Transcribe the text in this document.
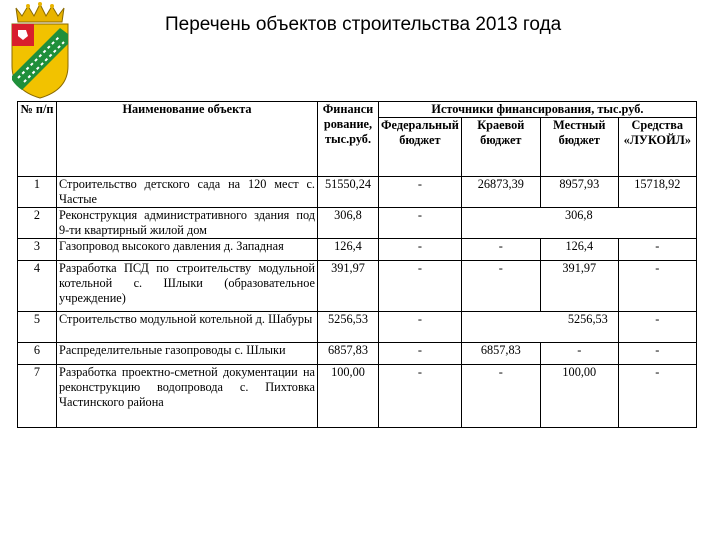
Перечень объектов строительства 2013 года
№ п/п	Наименование объекта	Финансирование, тыс.руб.	Источники финансирования, тыс.руб.			
			Федеральный бюджет	Краевой бюджет	Местный бюджет	Средства «ЛУКОЙЛ»
1	Строительство детского сада на 120 мест с. Частые	51550,24	-	26873,39	8957,93	15718,92
2	Реконструкция административного здания под 9-ти квартирный жилой дом	306,8	-	306,8		
3	Газопровод высокого давления д. Западная	126,4	-	-	126,4	-
4	Разработка ПСД по строительству модульной котельной с. Шлыки (образовательное учреждение)	391,97	-	-	391,97	-
5	Строительство модульной котельной д. Шабуры	5256,53	-	5256,53		-
6	Распределительные газопроводы с. Шлыки	6857,83	-	6857,83	-	-
7	Разработка проектно-сметной документации на реконструкцию водопровода с. Пихтовка Частинского района	100,00	-	-	100,00	-
